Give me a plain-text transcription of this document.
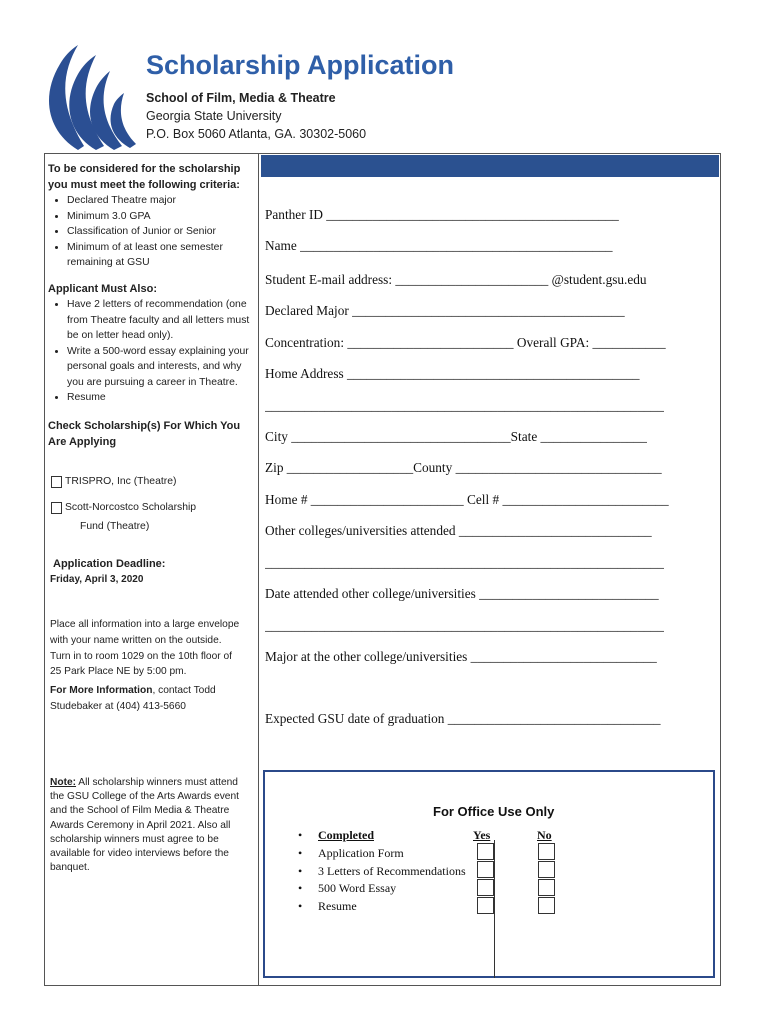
Scholarship Application
School of Film, Media & Theatre
Georgia State University
P.O. Box 5060 Atlanta, GA. 30302-5060
To be considered for the scholarship
you must meet the following criteria:
• Declared Theatre major
• Minimum 3.0 GPA
• Classification of Junior or Senior
• Minimum of at least one semester remaining at GSU
Applicant Must Also:
• Have 2 letters of recommendation (one from Theatre faculty and all letters must be on letter head only).
• Write a 500-word essay explaining your personal goals and interests, and why you are pursuing a career in Theatre.
• Resume
Check Scholarship(s) For Which You
Are Applying
TRISPRO, Inc (Theatre)
Scott-Norcostco Scholarship
Fund (Theatre)
Application Deadline:
Friday, April 3, 2020
Place all information into a large envelope
with your name written on the outside.
Turn in to room 1029 on the 10th floor of
25 Park Place NE by 5:00 pm.
For More Information, contact Todd
Studebaker at (404) 413-5660
Note: All scholarship winners must attend
the GSU College of the Arts Awards event
and the School of Film Media & Theatre
Awards Ceremony in April 2021. Also all
scholarship winners must agree to be
available for video interviews before the
banquet.
Panther ID ____________________________________________
Name _______________________________________________
Student E-mail address: _______________________ @student.gsu.edu
Declared Major _________________________________________
Concentration: _________________________ Overall GPA: ___________
Home Address ____________________________________________
____________________________________________________________
City _________________________________State ________________
Zip ___________________County _______________________________
Home # _______________________ Cell # _________________________
Other colleges/universities attended _____________________________
____________________________________________________________
Date attended other college/universities ___________________________
____________________________________________________________
Major at the other college/universities ____________________________
Expected GSU date of graduation ________________________________
For Office Use Only
• Completed	Yes	No
• Application Form
• 3 Letters of Recommendations
• 500 Word Essay
• Resume
